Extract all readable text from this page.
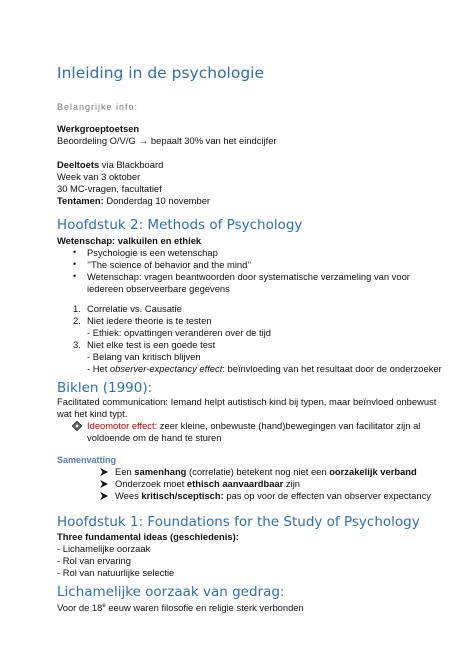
Inleiding in de psychologie
Belangrijke info:
Werkgroeptoetsen
Beoordeling O/V/G → bepaalt 30% van het eindcijfer
Deeltoets via Blackboard
Week van 3 oktober
30 MC-vragen, facultatief
Tentamen: Donderdag 10 november
Hoofdstuk 2: Methods of Psychology
Wetenschap: valkuilen en ethiek
• Psychologie is een wetenschap
• ’’The science of behavior and the mind’’
• Wetenschap: vragen beantwoorden door systematische verzameling van voor
iedereen observeerbare gegevens
1. Correlatie vs. Causatie
2. Niet iedere theorie is te testen
- Ethiek: opvattingen veranderen over de tijd
3. Niet elke test is een goede test
- Belang van kritisch blijven
- Het observer-expectancy effect: beïnvloeding van het resultaat door de onderzoeker
Biklen (1990):
Facilitated communication: Iemand helpt autistisch kind bij typen, maar beïnvloed onbewust
wat het kind typt.
Ideomotor effect: zeer kleine, onbewuste (hand)bewegingen van facilitator zijn al
voldoende om de hand te sturen
Samenvatting
Een samenhang (correlatie) betekent nog niet een oorzakelijk verband
Onderzoek moet ethisch aanvaardbaar zijn
Wees kritisch/sceptisch: pas op voor de effecten van observer expectancy
Hoofdstuk 1: Foundations for the Study of Psychology
Three fundamental ideas (geschiedenis):
- Lichamelijke oorzaak
- Rol van ervaring
- Rol van natuurlijke selectie
Lichamelijke oorzaak van gedrag:
Voor de 18e eeuw waren filosofie en religie sterk verbonden
